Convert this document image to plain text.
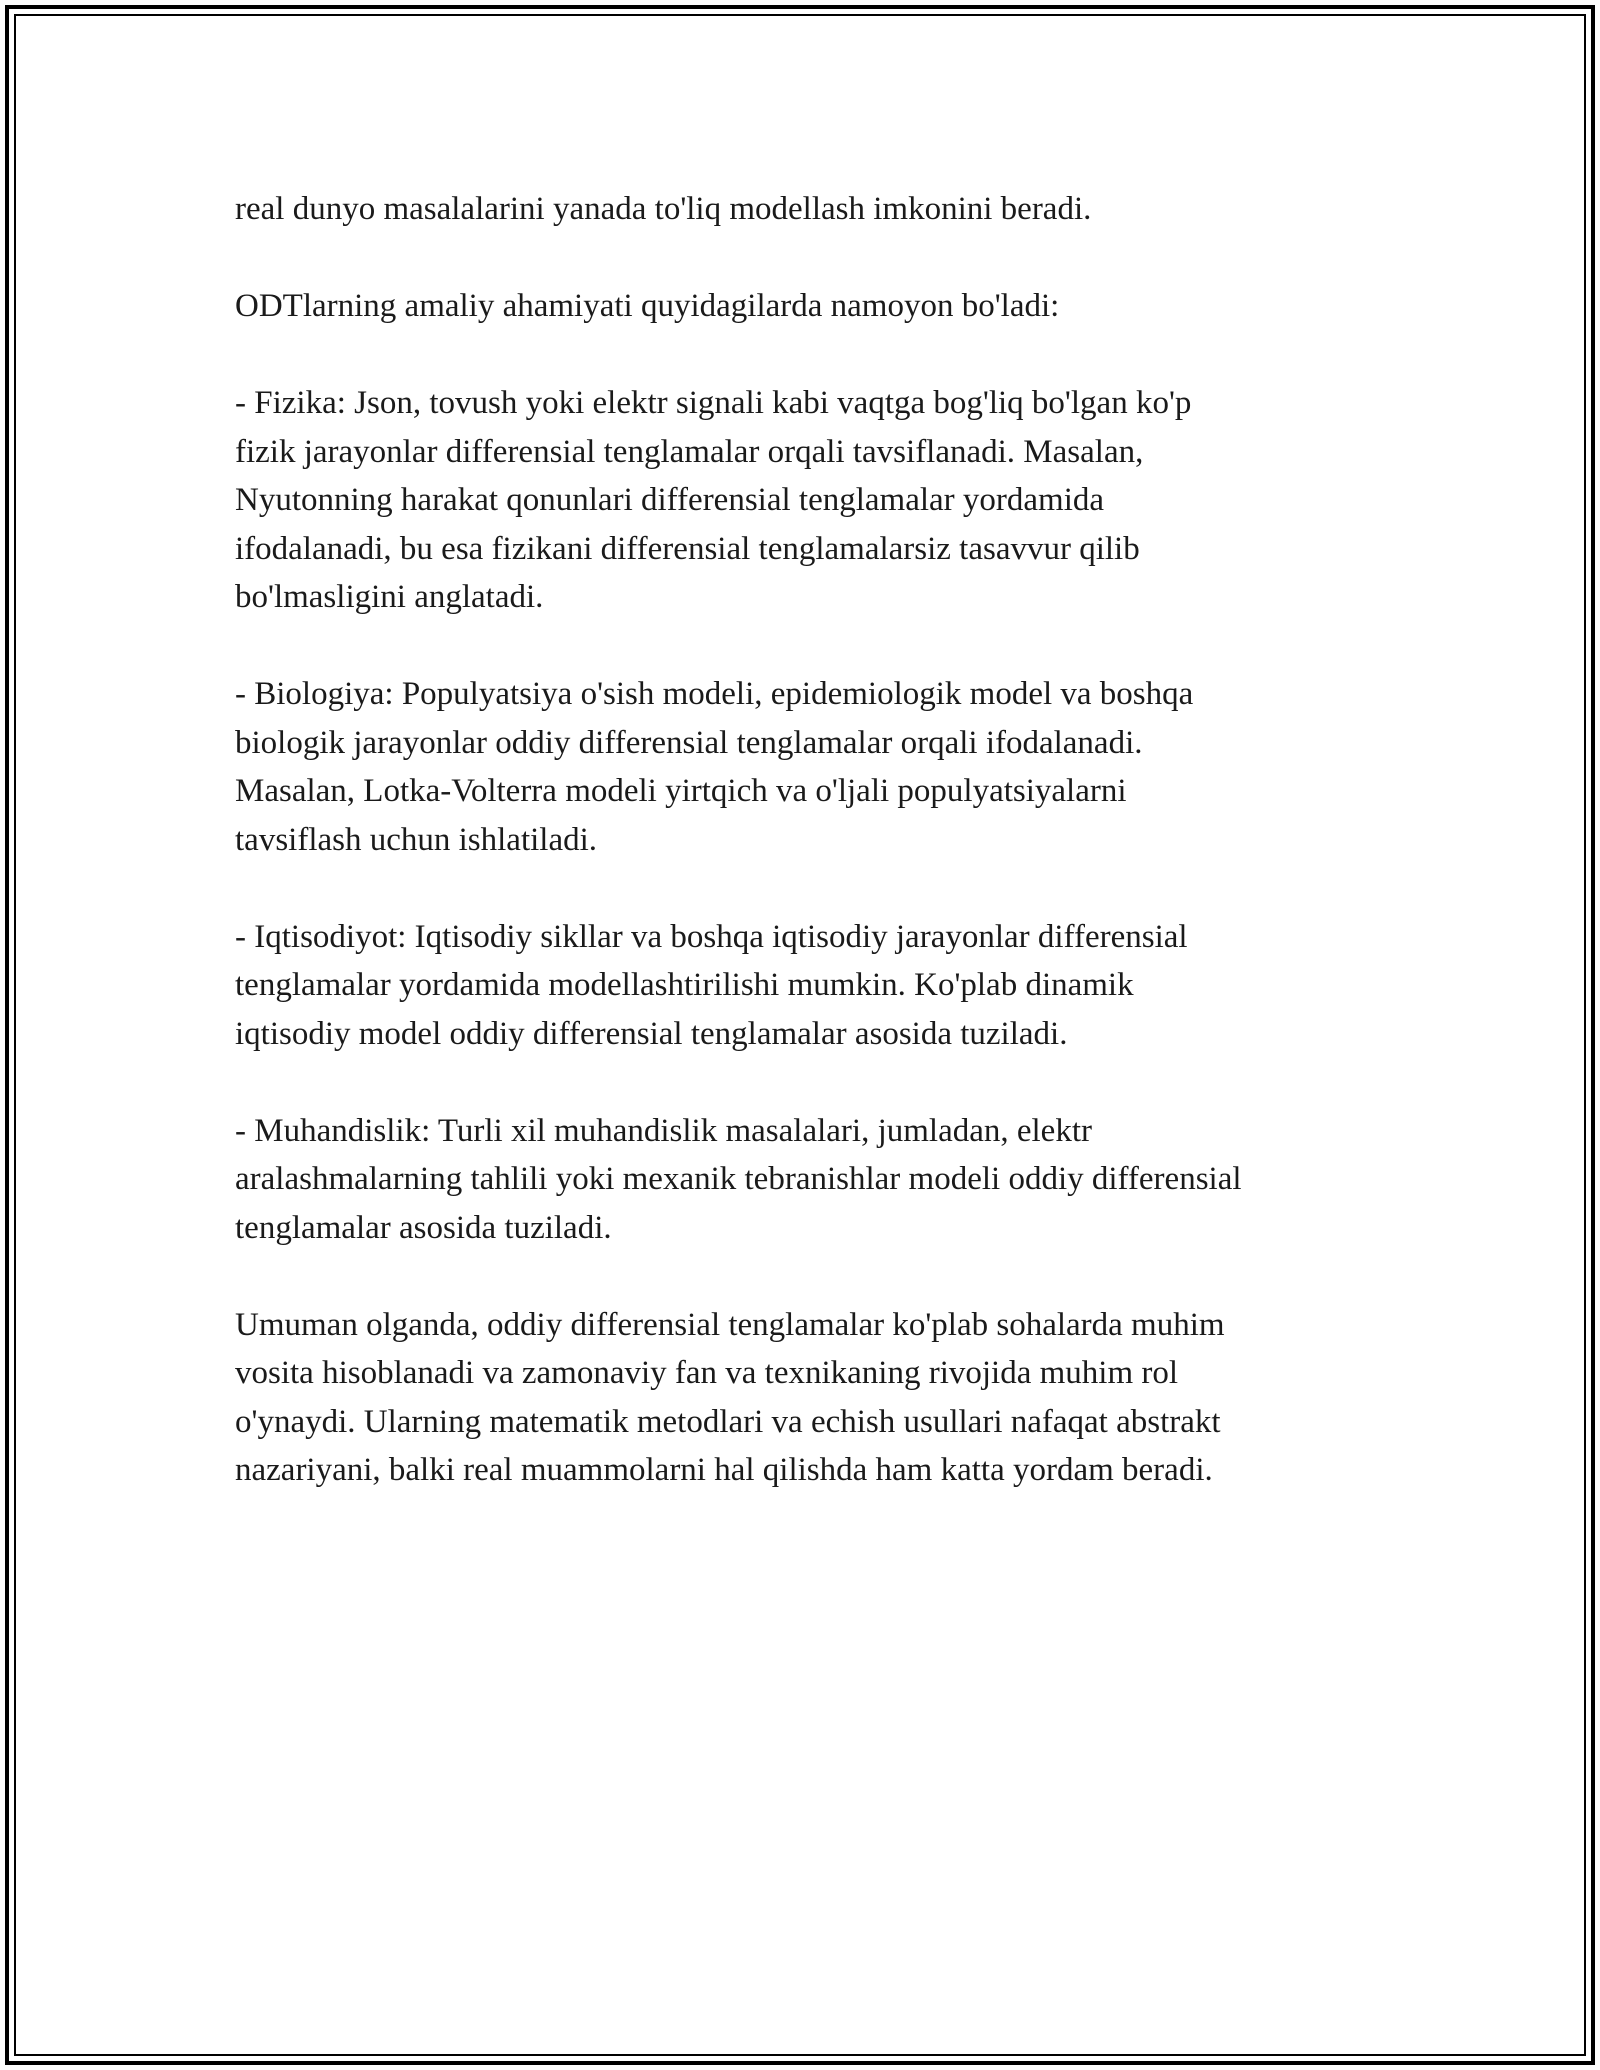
real dunyo masalalarini yanada to'liq modellash imkonini beradi.

ODTlarning amaliy ahamiyati quyidagilarda namoyon bo'ladi:

- Fizika: Json, tovush yoki elektr signali kabi vaqtga bog'liq bo'lgan ko'p
fizik jarayonlar differensial tenglamalar orqali tavsiflanadi. Masalan,
Nyutonning harakat qonunlari differensial tenglamalar yordamida
ifodalanadi, bu esa fizikani differensial tenglamalarsiz tasavvur qilib
bo'lmasligini anglatadi.

- Biologiya: Populyatsiya o'sish modeli, epidemiologik model va boshqa
biologik jarayonlar oddiy differensial tenglamalar orqali ifodalanadi.
Masalan, Lotka-Volterra modeli yirtqich va o'ljali populyatsiyalarni
tavsiflash uchun ishlatiladi.

- Iqtisodiyot: Iqtisodiy sikllar va boshqa iqtisodiy jarayonlar differensial
tenglamalar yordamida modellashtirilishi mumkin. Ko'plab dinamik
iqtisodiy model oddiy differensial tenglamalar asosida tuziladi.

- Muhandislik: Turli xil muhandislik masalalari, jumladan, elektr
aralashmalarning tahlili yoki mexanik tebranishlar modeli oddiy differensial
tenglamalar asosida tuziladi.

Umuman olganda, oddiy differensial tenglamalar ko'plab sohalarda muhim
vosita hisoblanadi va zamonaviy fan va texnikaning rivojida muhim rol
o'ynaydi. Ularning matematik metodlari va echish usullari nafaqat abstrakt
nazariyani, balki real muammolarni hal qilishda ham katta yordam beradi.
